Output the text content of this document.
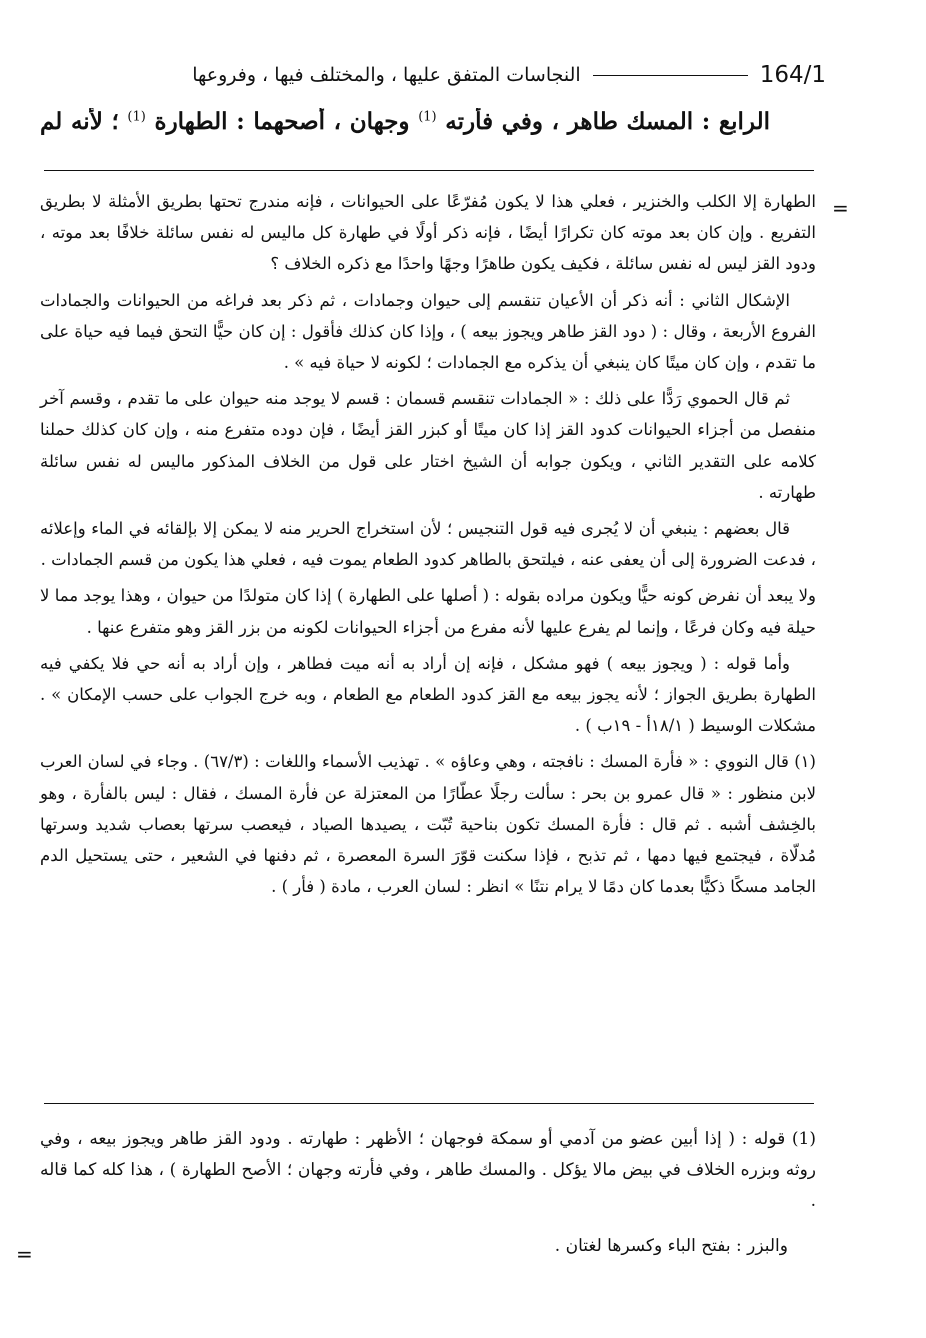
164/1
النجاسات المتفق عليها ، والمختلف فيها ، وفروعها
الرابع : المسك طاهر ، وفي فأرته $^{(1)}$ وجهان ، أصحهما : الطهارة $^{(1)}$ ؛ لأنه لم
=

الطهارة إلا الكلب والخنزير ، فعلي هذا لا يكون مُفرّعًا على الحيوانات ، فإنه مندرج تحتها بطريق الأمثلة لا بطريق التفريع . وإن كان بعد موته كان تكرارًا أيضًا ، فإنه ذكر أولًا في طهارة كل ماليس له نفس سائلة خلافًا بعد موته ، ودود القز ليس له نفس سائلة ، فكيف يكون طاهرًا وجهًا واحدًا مع ذكره الخلاف ؟

الإشكال الثاني : أنه ذكر أن الأعيان تنقسم إلى حيوان وجمادات ، ثم ذكر بعد فراغه من الحيوانات والجمادات الفروع الأربعة ، وقال : ( دود القز طاهر ويجوز بيعه ) ، وإذا كان كذلك فأقول : إن كان حيًّا التحق فيما فيه حياة على ما تقدم ، وإن كان ميتًا كان ينبغي أن يذكره مع الجمادات ؛ لكونه لا حياة فيه » .

ثم قال الحموي رَدًّا على ذلك : « الجمادات تنقسم قسمان : قسم لا يوجد منه حيوان على ما تقدم ، وقسم آخر منفصل من أجزاء الحيوانات كدود القز إذا كان ميتًا أو كبزر القز أيضًا ، فإن دوده متفرع منه ، وإن كان كذلك حملنا كلامه على التقدير الثاني ، ويكون جوابه أن الشيخ اختار على قول من الخلاف المذكور ماليس له نفس سائلة طهارته .

قال بعضهم : ينبغي أن لا يُجرى فيه قول التنجيس ؛ لأن استخراج الحرير منه لا يمكن إلا بإلقائه في الماء وإعلائه ، فدعت الضرورة إلى أن يعفى عنه ، فيلتحق بالطاهر كدود الطعام يموت فيه ، فعلي هذا يكون من قسم الجمادات .

ولا يبعد أن نفرض كونه حيًّا ويكون مراده بقوله : ( أصلها على الطهارة ) إذا كان متولدًا من حيوان ، وهذا يوجد مما لا حيلة فيه وكان فرعًا ، وإنما لم يفرع عليها لأنه مفرع من أجزاء الحيوانات لكونه من بزر القز وهو متفرع عنها .

وأما قوله : ( ويجوز بيعه ) فهو مشكل ، فإنه إن أراد به أنه ميت فطاهر ، وإن أراد به أنه حي فلا يكفي فيه الطهارة بطريق الجواز ؛ لأنه يجوز بيعه مع القز كدود الطعام مع الطعام ، وبه خرج الجواب على حسب الإمكان » . مشكلات الوسيط ( ١٨/١أ - ١٩ب ) .

(١) قال النووي : « فأرة المسك : نافجته ، وهي وعاؤه » . تهذيب الأسماء واللغات : (٦٧/٣) . وجاء في لسان العرب لابن منظور : « قال عمرو بن بحر : سألت رجلًا عطّارًا من المعتزلة عن فأرة المسك ، فقال : ليس بالفأرة ، وهو بالخِشف أشبه . ثم قال : فأرة المسك تكون بناحية تُبّت ، يصيدها الصياد ، فيعصب سرتها بعصاب شديد وسرتها مُدلّاة ، فيجتمع فيها دمها ، ثم تذبح ، فإذا سكنت قوّرَ السرة المعصرة ، ثم دفنها في الشعير ، حتى يستحيل الدم الجامد مسكًا ذكيًّا بعدما كان دمًا لا يرام نتنًا » انظر : لسان العرب ، مادة ( فأر ) .

(1) قوله : ( إذا أبين عضو من آدمي أو سمكة فوجهان ؛ الأظهر : طهارته . ودود القز طاهر ويجوز بيعه ، وفي روثه وبزره الخلاف في بيض مالا يؤكل . والمسك طاهر ، وفي فأرته وجهان ؛ الأصح الطهارة ) ، هذا كله كما قاله .

والبزر : بفتح الباء وكسرها لغتان .

=
